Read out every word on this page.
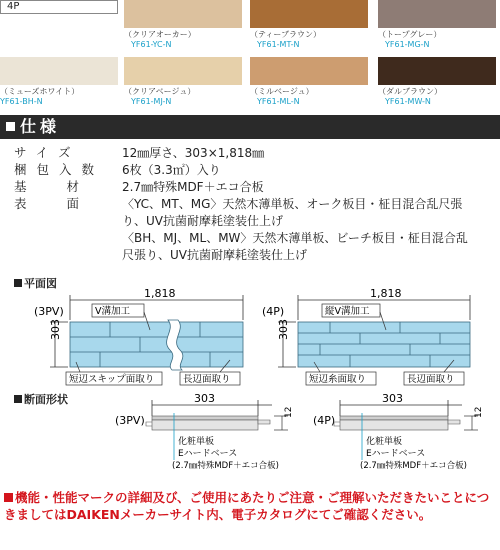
4P
（クリアオーカー）
YF61-YC-N
（ティーブラウン）
YF61-MT-N
（トープグレー）
YF61-MG-N
（ミューズホワイト）
YF61-BH-N
（クリアベージュ）
YF61-MJ-N
（ミルベージュ）
YF61-ML-N
（ダルブラウン）
YF61-MW-N
仕様
サイズ	12㎜厚さ、303×1,818㎜
梱包入数 6枚（3.3㎡）入り
基材 2.7㎜特殊MDF＋エコ合板
表面 〈YC、MT、MG〉天然木薄単板、オーク板目・柾目混合乱尺張
り、UV抗菌耐摩耗塗装仕上げ
〈BH、MJ、ML、MW〉天然木薄単板、ビーチ板目・柾目混合乱
尺張り、UV抗菌耐摩耗塗装仕上げ
平面図
断面形状
(3PV)
1,818
303
V溝加工
短辺スキップ面取り	長辺面取り
(4P)
1,818
303
縦V溝加工
短辺糸面取り	長辺面取り
(3PV)
303
12
化粧単板
Eハードベース
(2.7㎜特殊MDF＋エコ合板)
(4P)
303
12
化粧単板
Eハードベース
(2.7㎜特殊MDF＋エコ合板)
機能・性能マークの詳細及び、ご使用にあたりご注意・ご理解いただきたいことにつきましてはDAIKENメーカーサイト内、電子カタログにてご確認ください。
